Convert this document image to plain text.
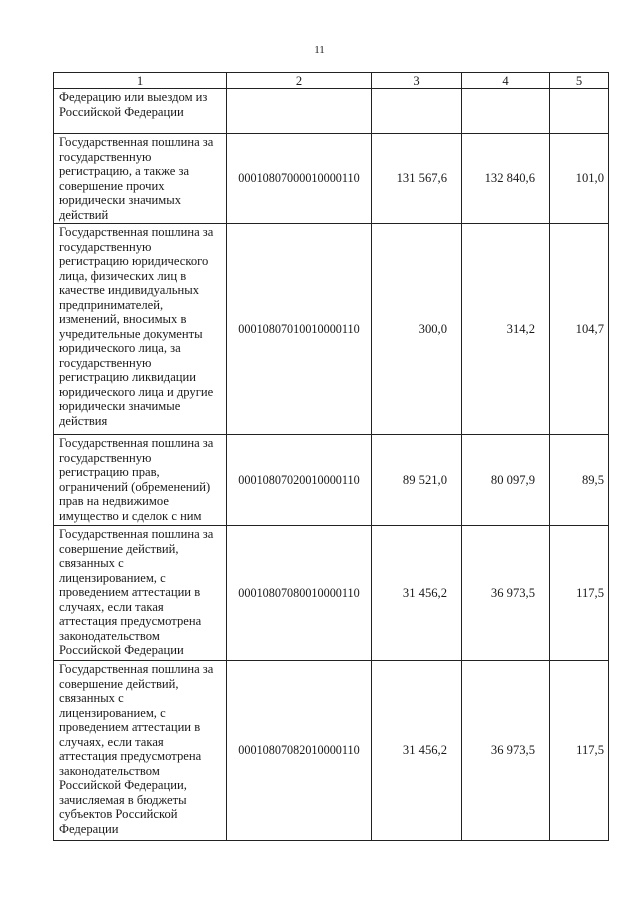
11
1	2	3	4	5
Федерацию или выездом из Российской Федерации				
Государственная пошлина за государственную регистрацию, а также за совершение прочих юридически значимых действий	00010807000010000110	131 567,6	132 840,6	101,0
Государственная пошлина за государственную регистрацию юридического лица, физических лиц в качестве индивидуальных предпринимателей, изменений, вносимых в учредительные документы юридического лица, за государственную регистрацию ликвидации юридического лица и другие юридически значимые действия	00010807010010000110	300,0	314,2	104,7
Государственная пошлина за государственную регистрацию прав, ограничений (обременений) прав на недвижимое имущество и сделок с ним	00010807020010000110	89 521,0	80 097,9	89,5
Государственная пошлина за совершение действий, связанных с лицензированием, с проведением аттестации в случаях, если такая аттестация предусмотрена законодательством Российской Федерации	00010807080010000110	31 456,2	36 973,5	117,5
Государственная пошлина за совершение действий, связанных с лицензированием, с проведением аттестации в случаях, если такая аттестация предусмотрена законодательством Российской Федерации, зачисляемая в бюджеты субъектов Российской Федерации	00010807082010000110	31 456,2	36 973,5	117,5
